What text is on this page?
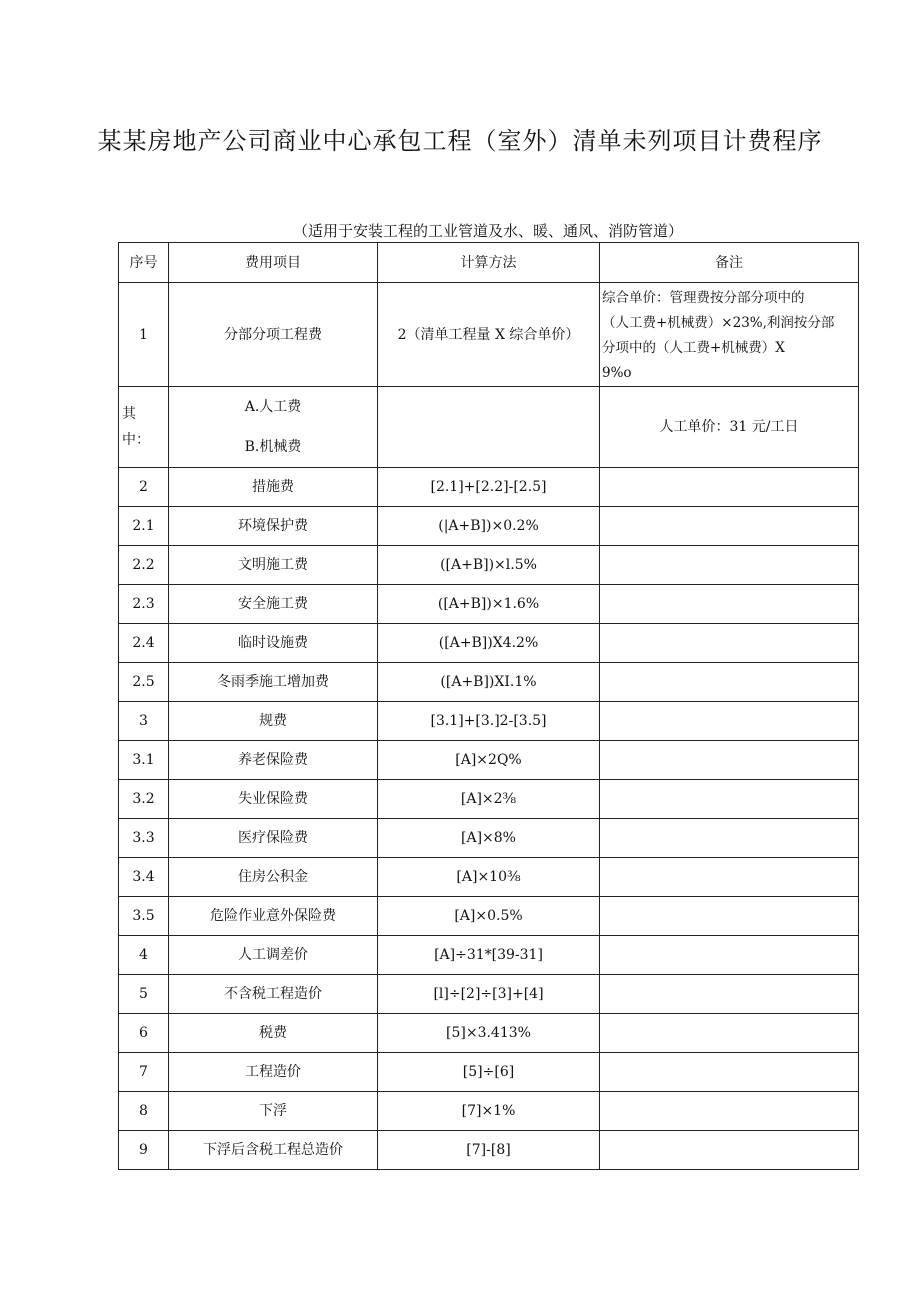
某某房地产公司商业中心承包工程（室外）清单未列项目计费程序
（适用于安装工程的工业管道及水、暖、通风、消防管道）
序号	费用项目	计算方法	备注
1	分部分项工程费	2（清单工程量 X 综合单价）	综合单价：管理费按分部分项中的
（人工费+机械费）×23%,利润按分部
分项中的（人工费+机械费）X
9%o
其
中：	A.人工费
B.机械费		人工单价：31 元/工日
2	措施费	[2.1]+[2.2]-[2.5]	
2.1	环境保护费	(|A+B])×0.2%	
2.2	文明施工费	([A+B])×l.5%	
2.3	安全施工费	([A+B])×1.6%	
2.4	临时设施费	([A+B])X4.2%	
2.5	冬雨季施工增加费	([A+B])XI.1%	
3	规费	[3.1]+[3.]2-[3.5]	
3.1	养老保险费	[A]×2Q%	
3.2	失业保险费	[A]×2⅜	
3.3	医疗保险费	[A]×8%	
3.4	住房公积金	[A]×10⅜	
3.5	危险作业意外保险费	[A]×0.5%	
4	人工调差价	[A]÷31*[39-31]	
5	不含税工程造价	[l]÷[2]÷[3]+[4]	
6	税费	[5]×3.413%	
7	工程造价	[5]÷[6]	
8	下浮	[7]×1%	
9	下浮后含税工程总造价	[7]-[8]	
